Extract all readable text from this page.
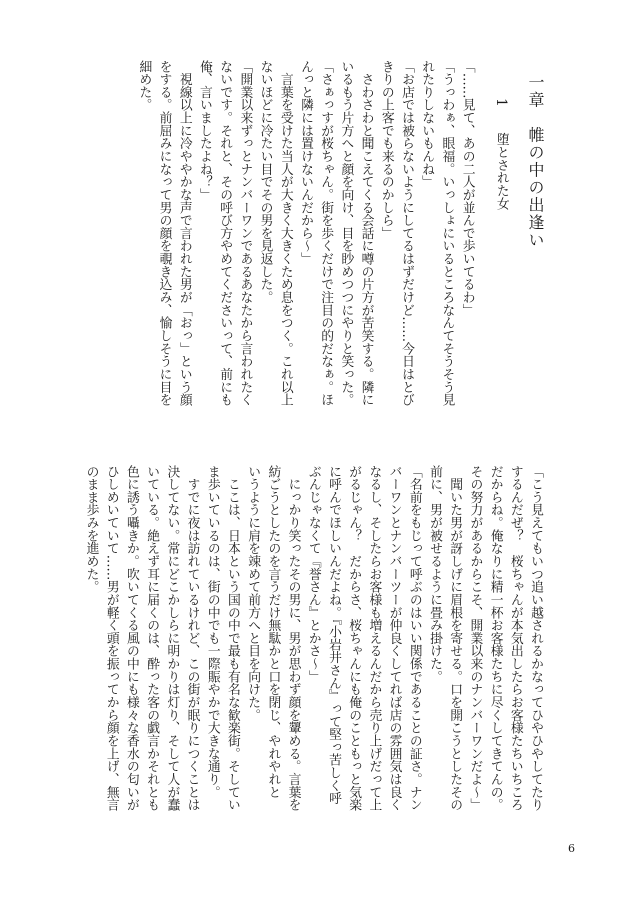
一章　帷の中の出逢い
1堕とされた女

「……見て、あの二人が並んで歩いてるわ」

「うっわぁ、眼福。いっしょにいるところなんてそうそう見

れたりしないもんね」

「お店では被らないようにしてるはずだけど……今日はとび

きりの上客でも来るのかしら」

　さわさわと聞こえてくる会話に噂の片方が苦笑する。隣に

いるもう片方へと顔を向け、目を眇めつつにやりと笑った。

「さぁっすが桜ちゃん。街を歩くだけで注目の的だなぁ。ほ

んっと隣には置けないんだから～」

　言葉を受けた当人が大きく大きくため息をつく。これ以上

ないほどに冷たい目でその男を見返した。

「開業以来ずっとナンバーワンであるあなたから言われたく

ないです。それと、その呼び方やめてくださいって、前にも

俺、言いましたよね？」

　視線以上に冷ややかな声で言われた男が「おっ」という顔

をする。前屈みになって男の顔を覗き込み、愉しそうに目を

細めた。

「こう見えてもいつ追い越されるかなってひやひやしてたり

するんだぜ？　桜ちゃんが本気出したらお客様たちいちころ

だからね。俺なりに精一杯お客様たちに尽くしてきてんの。

その努力があるからこそ、開業以来のナンバーワンだよ～」

　聞いた男が訝しげに眉根を寄せる。口を開こうとしたその

前に、男が被せるように畳み掛けた。

「名前をもじって呼ぶのはいい関係であることの証さ。ナン

バーワンとナンバーツーが仲良くしてれば店の雰囲気は良く

なるし、そしたらお客様も増えるんだから売り上げだって上

がるじゃん？　だからさ、桜ちゃんにも俺のこともっと気楽

に呼んでほしいんだよね。『小岩井さん』って堅っ苦しく呼

ぶんじゃなくて『誉さん』とかさ～」

　にっかり笑ったその男に、男が思わず顔を顰める。言葉を

紡ごうとしたのを言うだけ無駄かと口を閉じ、やれやれと

いうように肩を竦めて前方へと目を向けた。

　ここは、日本という国の中で最も有名な歓楽街。そしてい

ま歩いているのは、街の中でも一際賑やかで大きな通り。

　すでに夜は訪れているけれど、この街が眠りにつくことは

決してない。常にどこかしらに明かりは灯り、そして人が蠢

いている。絶えず耳に届くのは、酔った客の戯言かそれとも

色に誘う囁きか。吹いてくる風の中にも様々な香水の匂いが

ひしめいていて……男が軽く頭を振ってから顔を上げ、無言

のまま歩みを進めた。

6
